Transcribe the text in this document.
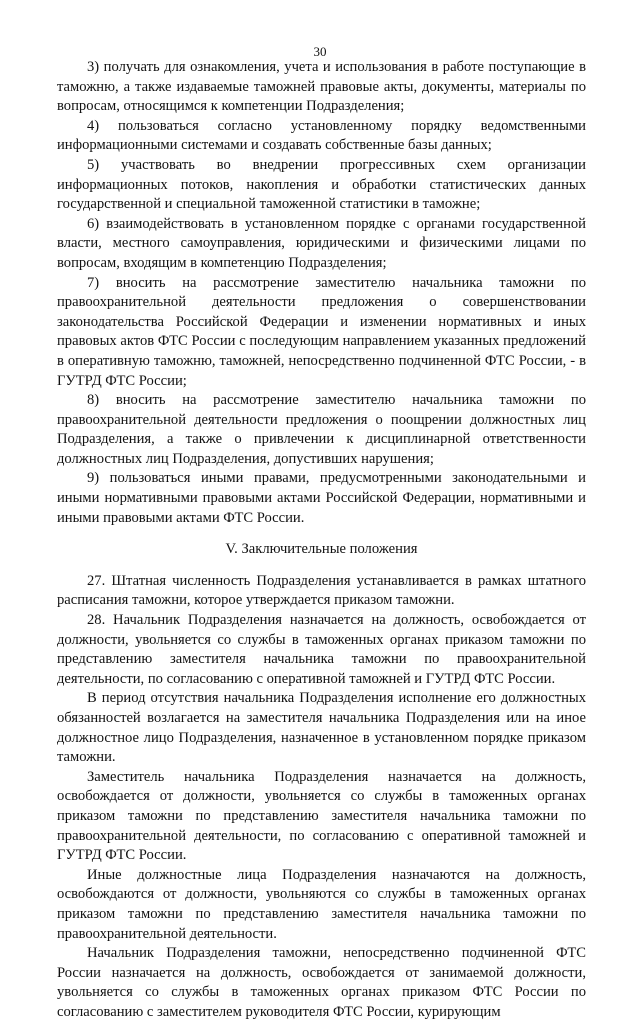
30

3) получать для ознакомления, учета и использования в работе поступающие в таможню, а также издаваемые таможней правовые акты, документы, материалы по вопросам, относящимся к компетенции Подразделения;

4) пользоваться согласно установленному порядку ведомственными информационными системами и создавать собственные базы данных;

5) участвовать во внедрении прогрессивных схем организации информационных потоков, накопления и обработки статистических данных государственной и специальной таможенной статистики в таможне;

6) взаимодействовать в установленном порядке с органами государственной власти, местного самоуправления, юридическими и физическими лицами по вопросам, входящим в компетенцию Подразделения;

7) вносить на рассмотрение заместителю начальника таможни по правоохранительной деятельности предложения о совершенствовании законодательства Российской Федерации и изменении нормативных и иных правовых актов ФТС России с последующим направлением указанных предложений в оперативную таможню, таможней, непосредственно подчиненной ФТС России, - в ГУТРД ФТС России;

8) вносить на рассмотрение заместителю начальника таможни по правоохранительной деятельности предложения о поощрении должностных лиц Подразделения, а также о привлечении к дисциплинарной ответственности должностных лиц Подразделения, допустивших нарушения;

9) пользоваться иными правами, предусмотренными законодательными и иными нормативными правовыми актами Российской Федерации, нормативными и иными правовыми актами ФТС России.

V. Заключительные положения

27. Штатная численность Подразделения устанавливается в рамках штатного расписания таможни, которое утверждается приказом таможни.

28. Начальник Подразделения назначается на должность, освобождается от должности, увольняется со службы в таможенных органах приказом таможни по представлению заместителя начальника таможни по правоохранительной деятельности, по согласованию с оперативной таможней и ГУТРД ФТС России.

В период отсутствия начальника Подразделения исполнение его должностных обязанностей возлагается на заместителя начальника Подразделения или на иное должностное лицо Подразделения, назначенное в установленном порядке приказом таможни.

Заместитель начальника Подразделения назначается на должность, освобождается от должности, увольняется со службы в таможенных органах приказом таможни по представлению заместителя начальника таможни по правоохранительной деятельности, по согласованию с оперативной таможней и ГУТРД ФТС России.

Иные должностные лица Подразделения назначаются на должность, освобождаются от должности, увольняются со службы в таможенных органах приказом таможни по представлению заместителя начальника таможни по правоохранительной деятельности.

Начальник Подразделения таможни, непосредственно подчиненной ФТС России назначается на должность, освобождается от занимаемой должности, увольняется со службы в таможенных органах приказом ФТС России по согласованию с заместителем руководителя ФТС России, курирующим
